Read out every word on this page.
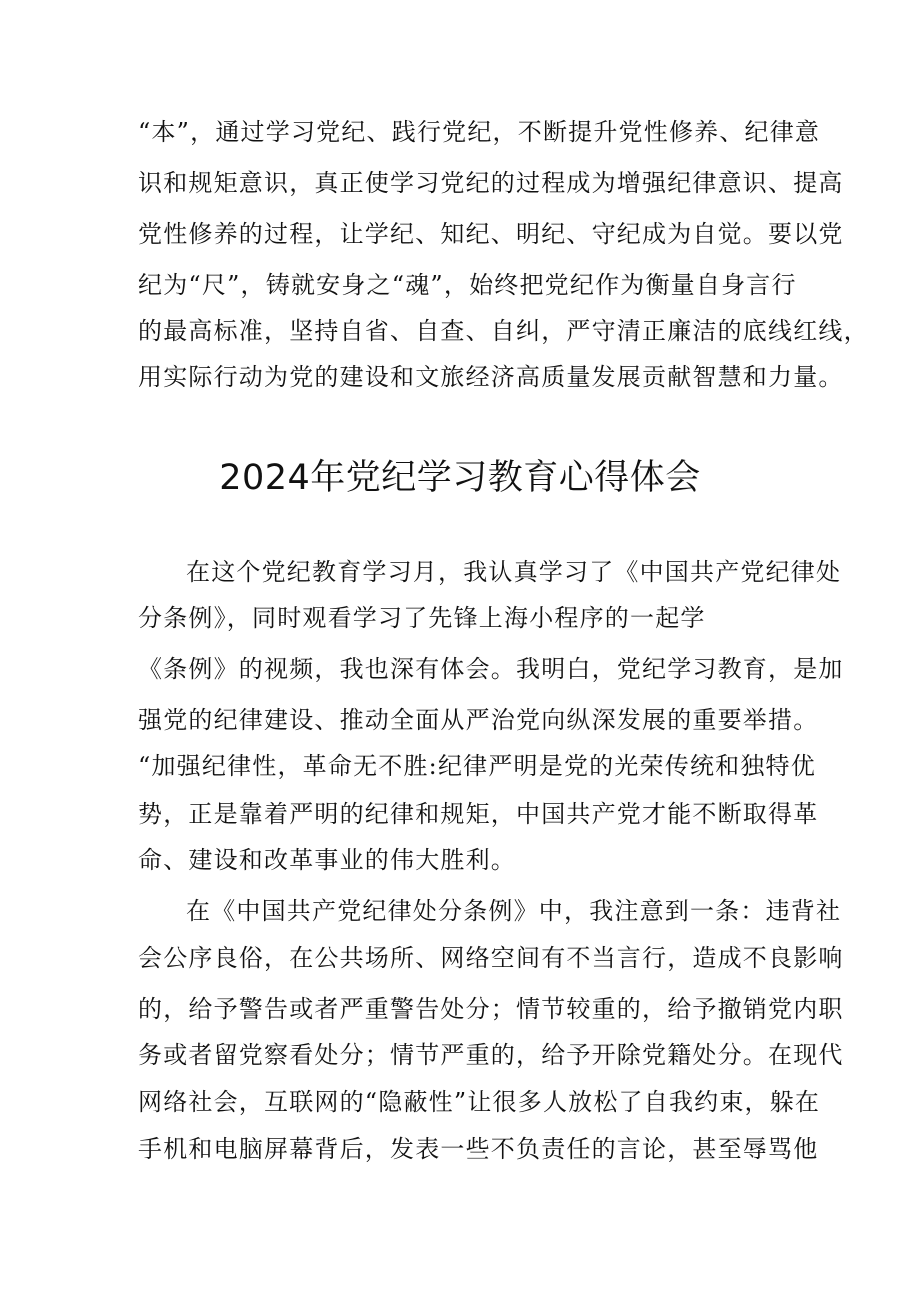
“本”，通过学习党纪、践行党纪，不断提升党性修养、纪律意
识和规矩意识，真正使学习党纪的过程成为增强纪律意识、提高
党性修养的过程，让学纪、知纪、明纪、守纪成为自觉。要以党
纪为“尺”，铸就安身之“魂”，始终把党纪作为衡量自身言行
的最高标准，坚持自省、自查、自纠，严守清正廉洁的底线红线，
用实际行动为党的建设和文旅经济高质量发展贡献智慧和力量。
2024年党纪学习教育心得体会
在这个党纪教育学习月，我认真学习了《中国共产党纪律处
分条例》，同时观看学习了先锋上海小程序的一起学
《条例》的视频，我也深有体会。我明白，党纪学习教育，是加
强党的纪律建设、推动全面从严治党向纵深发展的重要举措。
“加强纪律性，革命无不胜:纪律严明是党的光荣传统和独特优
势，正是靠着严明的纪律和规矩，中国共产党才能不断取得革
命、建设和改革事业的伟大胜利。
在《中国共产党纪律处分条例》中，我注意到一条：违背社
会公序良俗，在公共场所、网络空间有不当言行，造成不良影响
的，给予警告或者严重警告处分；情节较重的，给予撤销党内职
务或者留党察看处分；情节严重的，给予开除党籍处分。在现代
网络社会，互联网的“隐蔽性”让很多人放松了自我约束，躲在
手机和电脑屏幕背后，发表一些不负责任的言论，甚至辱骂他
